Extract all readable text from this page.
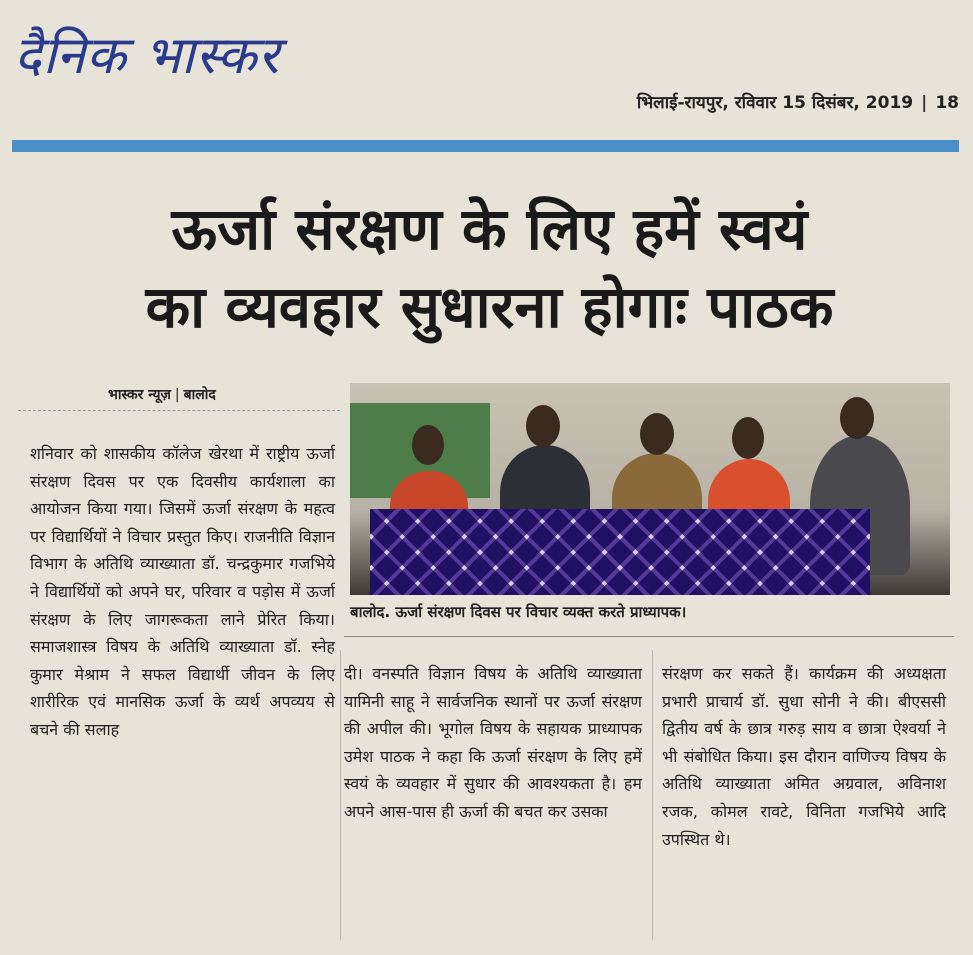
दैनिक भास्कर
भिलाई-रायपुर, रविवार 15 दिसंबर, 2019 | 18
ऊर्जा संरक्षण के लिए हमें स्वयं
का व्यवहार सुधारना होगाः पाठक
भास्कर न्यूज़ | बालोद
बालोद. ऊर्जा संरक्षण दिवस पर विचार व्यक्त करते प्राध्यापक।
शनिवार को शासकीय कॉलेज खेरथा में राष्ट्रीय ऊर्जा संरक्षण दिवस पर एक दिवसीय कार्यशाला का आयोजन किया गया। जिसमें ऊर्जा संरक्षण के महत्व पर विद्यार्थियों ने विचार प्रस्तुत किए। राजनीति विज्ञान विभाग के अतिथि व्याख्याता डॉ. चन्द्रकुमार गजभिये ने विद्यार्थियों को अपने घर, परिवार व पड़ोस में ऊर्जा संरक्षण के लिए जागरूकता लाने प्रेरित किया। समाजशास्त्र विषय के अतिथि व्याख्याता डॉ. स्नेह कुमार मेश्राम ने सफल विद्यार्थी जीवन के लिए शारीरिक एवं मानसिक ऊर्जा के व्यर्थ अपव्यय से बचने की सलाह
दी। वनस्पति विज्ञान विषय के अतिथि व्याख्याता यामिनी साहू ने सार्वजनिक स्थानों पर ऊर्जा संरक्षण की अपील की। भूगोल विषय के सहायक प्राध्यापक उमेश पाठक ने कहा कि ऊर्जा संरक्षण के लिए हमें स्वयं के व्यवहार में सुधार की आवश्यकता है। हम अपने आस-पास ही ऊर्जा की बचत कर उसका
संरक्षण कर सकते हैं। कार्यक्रम की अध्यक्षता प्रभारी प्राचार्य डॉ. सुधा सोनी ने की। बीएससी द्वितीय वर्ष के छात्र गरुड़ साय व छात्रा ऐश्वर्या ने भी संबोधित किया। इस दौरान वाणिज्य विषय के अतिथि व्याख्याता अमित अग्रवाल, अविनाश रजक, कोमल रावटे, विनिता गजभिये आदि उपस्थित थे।
